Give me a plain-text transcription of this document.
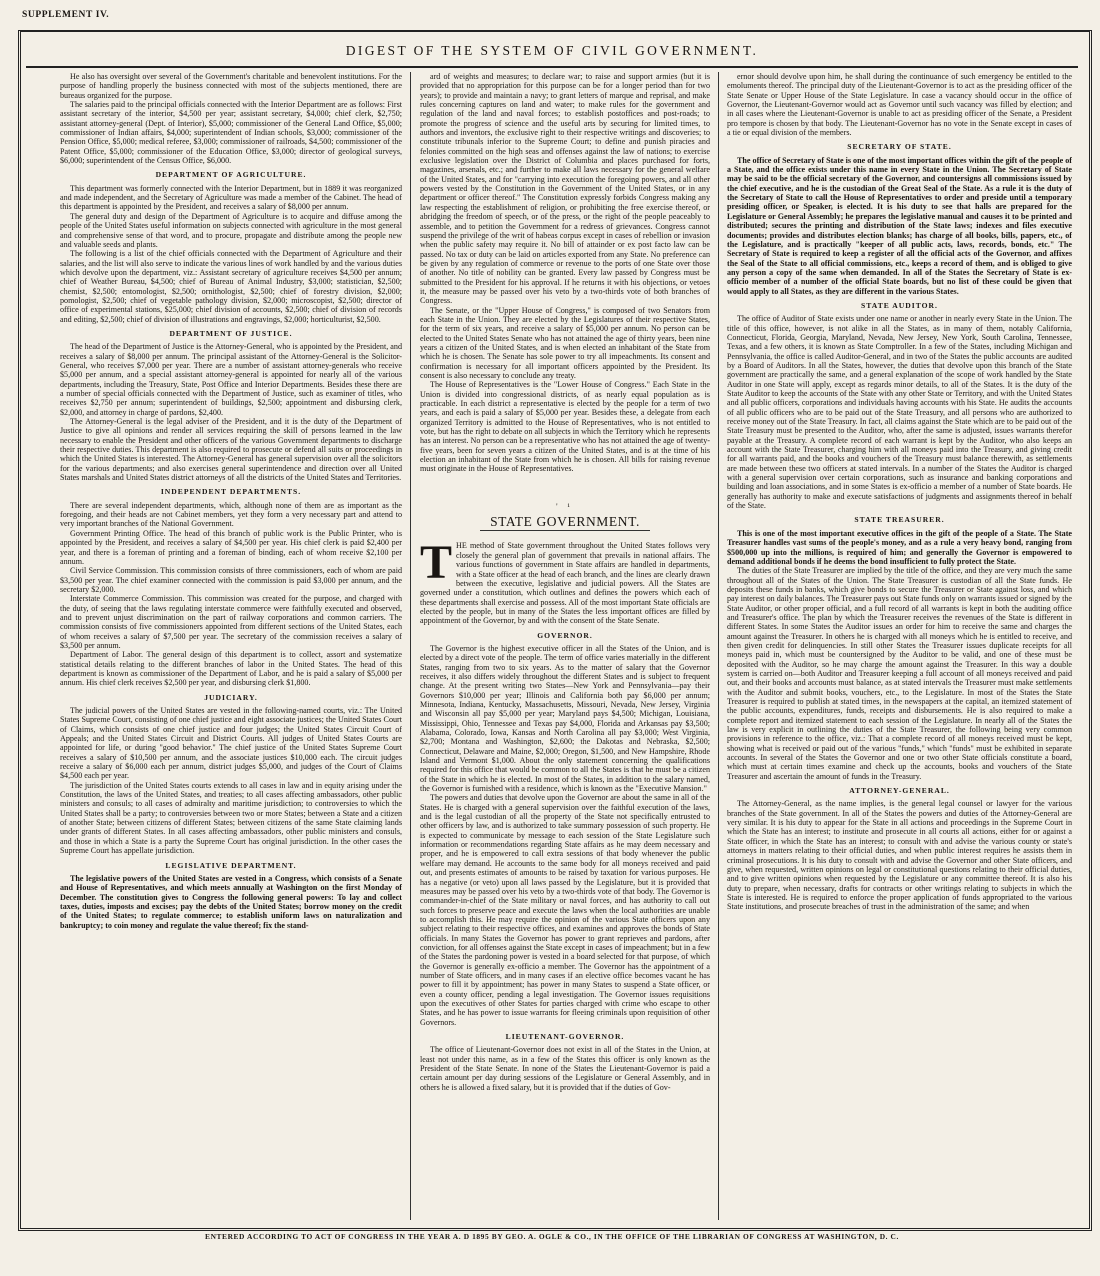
SUPPLEMENT IV.
DIGEST OF THE SYSTEM OF CIVIL GOVERNMENT.

He also has oversight over several of the Government's charitable and benevolent institutions. For the purpose of handling properly the business connected with most of the subjects mentioned, there are bureaus organized for the purpose.

The salaries paid to the principal officials connected with the Interior Department are as follows: First assistant secretary of the interior, $4,500 per year; assistant secretary, $4,000; chief clerk, $2,750; assistant attorney-general (Dept. of Interior), $5,000; commissioner of the General Land Office, $5,000; commissioner of Indian affairs, $4,000; superintendent of Indian schools, $3,000; commissioner of the Pension Office, $5,000; medical referee, $3,000; commissioner of railroads, $4,500; commissioner of the Patent Office, $5,000; commissioner of the Education Office, $3,000; director of geological surveys, $6,000; superintendent of the Census Office, $6,000.

DEPARTMENT OF AGRICULTURE.

This department was formerly connected with the Interior Department, but in 1889 it was reorganized and made independent, and the Secretary of Agriculture was made a member of the Cabinet. The head of this department is appointed by the President, and receives a salary of $8,000 per annum.

The general duty and design of the Department of Agriculture is to acquire and diffuse among the people of the United States useful information on subjects connected with agriculture in the most general and comprehensive sense of that word, and to procure, propagate and distribute among the people new and valuable seeds and plants.

The following is a list of the chief officials connected with the Department of Agriculture and their salaries, and the list will also serve to indicate the various lines of work handled by and the various duties which devolve upon the department, viz.: Assistant secretary of agriculture receives $4,500 per annum; chief of Weather Bureau, $4,500; chief of Bureau of Animal Industry, $3,000; statistician, $2,500; chemist, $2,500; entomologist, $2,500; ornithologist, $2,500; chief of forestry division, $2,000; pomologist, $2,500; chief of vegetable pathology division, $2,000; microscopist, $2,500; director of office of experimental stations, $25,000; chief division of accounts, $2,500; chief of division of records and editing, $2,500; chief of division of illustrations and engravings, $2,000; horticulturist, $2,500.

DEPARTMENT OF JUSTICE.

The head of the Department of Justice is the Attorney-General, who is appointed by the President, and receives a salary of $8,000 per annum. The principal assistant of the Attorney-General is the Solicitor-General, who receives $7,000 per year. There are a number of assistant attorney-generals who receive $5,000 per annum, and a special assistant attorney-general is appointed for nearly all of the various departments, including the Treasury, State, Post Office and Interior Departments. Besides these there are a number of special officials connected with the Department of Justice, such as examiner of titles, who receives $2,750 per annum; superintendent of buildings, $2,500; appointment and disbursing clerk, $2,000, and attorney in charge of pardons, $2,400.

The Attorney-General is the legal adviser of the President, and it is the duty of the Department of Justice to give all opinions and render all services requiring the skill of persons learned in the law necessary to enable the President and other officers of the various Government departments to discharge their respective duties. This department is also required to prosecute or defend all suits or proceedings in which the United States is interested. The Attorney-General has general supervision over all the solicitors for the various departments; and also exercises general superintendence and direction over all United States marshals and United States district attorneys of all the districts of the United States and Territories.

INDEPENDENT DEPARTMENTS.

There are several independent departments, which, although none of them are as important as the foregoing, and their heads are not Cabinet members, yet they form a very necessary part and attend to very important branches of the National Government.

Government Printing Office. The head of this branch of public work is the Public Printer, who is appointed by the President, and receives a salary of $4,500 per year. His chief clerk is paid $2,400 per year, and there is a foreman of printing and a foreman of binding, each of whom receive $2,100 per annum.

Civil Service Commission. This commission consists of three commissioners, each of whom are paid $3,500 per year. The chief examiner connected with the commission is paid $3,000 per annum, and the secretary $2,000.

Interstate Commerce Commission. This commission was created for the purpose, and charged with the duty, of seeing that the laws regulating interstate commerce were faithfully executed and observed, and to prevent unjust discrimination on the part of railway corporations and common carriers. The commission consists of five commissioners appointed from different sections of the United States, each of whom receives a salary of $7,500 per year. The secretary of the commission receives a salary of $3,500 per annum.

Department of Labor. The general design of this department is to collect, assort and systematize statistical details relating to the different branches of labor in the United States. The head of this department is known as commissioner of the Department of Labor, and he is paid a salary of $5,000 per annum. His chief clerk receives $2,500 per year, and disbursing clerk $1,800.

JUDICIARY.

The judicial powers of the United States are vested in the following-named courts, viz.: The United States Supreme Court, consisting of one chief justice and eight associate justices; the United States Court of Claims, which consists of one chief justice and four judges; the United States Circuit Court of Appeals; and the United States Circuit and District Courts. All judges of United States Courts are appointed for life, or during "good behavior." The chief justice of the United States Supreme Court receives a salary of $10,500 per annum, and the associate justices $10,000 each. The circuit judges receive a salary of $6,000 each per annum, district judges $5,000, and judges of the Court of Claims $4,500 each per year.

The jurisdiction of the United States courts extends to all cases in law and in equity arising under the Constitution, the laws of the United States, and treaties; to all cases affecting ambassadors, other public ministers and consuls; to all cases of admiralty and maritime jurisdiction; to controversies to which the United States shall be a party; to controversies between two or more States; between a State and a citizen of another State; between citizens of different States; between citizens of the same State claiming lands under grants of different States. In all cases affecting ambassadors, other public ministers and consuls, and those in which a State is a party the Supreme Court has original jurisdiction. In the other cases the Supreme Court has appellate jurisdiction.

LEGISLATIVE DEPARTMENT.

The legislative powers of the United States are vested in a Congress, which consists of a Senate and House of Representatives, and which meets annually at Washington on the first Monday of December. The constitution gives to Congress the following general powers: To lay and collect taxes, duties, imposts and excises; pay the debts of the United States; borrow money on the credit of the United States; to regulate commerce; to establish uniform laws on naturalization and bankruptcy; to coin money and regulate the value thereof; fix the stand-

ard of weights and measures; to declare war; to raise and support armies (but it is provided that no appropriation for this purpose can be for a longer period than for two years); to provide and maintain a navy; to grant letters of marque and reprisal, and make rules concerning captures on land and water; to make rules for the government and regulation of the land and naval forces; to establish postoffices and post-roads; to promote the progress of science and the useful arts by securing for limited times, to authors and inventors, the exclusive right to their respective writings and discoveries; to constitute tribunals inferior to the Supreme Court; to define and punish piracies and felonies committed on the high seas and offenses against the law of nations; to exercise exclusive legislation over the District of Columbia and places purchased for forts, magazines, arsenals, etc.; and further to make all laws necessary for the general welfare of the United States, and for "carrying into execution the foregoing powers, and all other powers vested by the Constitution in the Government of the United States, or in any department or officer thereof." The Constitution expressly forbids Congress making any law respecting the establishment of religion, or prohibiting the free exercise thereof, or abridging the freedom of speech, or of the press, or the right of the people peaceably to assemble, and to petition the Government for a redress of grievances. Congress cannot suspend the privilege of the writ of habeas corpus except in cases of rebellion or invasion when the public safety may require it. No bill of attainder or ex post facto law can be passed. No tax or duty can be laid on articles exported from any State. No preference can be given by any regulation of commerce or revenue to the ports of one State over those of another. No title of nobility can be granted. Every law passed by Congress must be submitted to the President for his approval. If he returns it with his objections, or vetoes it, the measure may be passed over his veto by a two-thirds vote of both branches of Congress.

The Senate, or the "Upper House of Congress," is composed of two Senators from each State in the Union. They are elected by the Legislatures of their respective States, for the term of six years, and receive a salary of $5,000 per annum. No person can be elected to the United States Senate who has not attained the age of thirty years, been nine years a citizen of the United States, and is when elected an inhabitant of the State from which he is chosen. The Senate has sole power to try all impeachments. Its consent and confirmation is necessary for all important officers appointed by the President. Its consent is also necessary to conclude any treaty.

The House of Representatives is the "Lower House of Congress." Each State in the Union is divided into congressional districts, of as nearly equal population as is practicable. In each district a representative is elected by the people for a term of two years, and each is paid a salary of $5,000 per year. Besides these, a delegate from each organized Territory is admitted to the House of Representatives, who is not entitled to vote, but has the right to debate on all subjects in which the Territory which he represents has an interest. No person can be a representative who has not attained the age of twenty-five years, been for seven years a citizen of the United States, and is at the time of his election an inhabitant of the State from which he is chosen. All bills for raising revenue must originate in the House of Representatives.

' ¹
STATE GOVERNMENT.

THE method of State government throughout the United States follows very closely the general plan of government that prevails in national affairs. The various functions of government in State affairs are handled in departments, with a State officer at the head of each branch, and the lines are clearly drawn between the executive, legislative and judicial powers. All the States are governed under a constitution, which outlines and defines the powers which each of these departments shall exercise and possess. All of the most important State officials are elected by the people, but in many of the States the less important offices are filled by appointment of the Governor, by and with the consent of the State Senate.

GOVERNOR.

The Governor is the highest executive officer in all the States of the Union, and is elected by a direct vote of the people. The term of office varies materially in the different States, ranging from two to six years. As to the matter of salary that the Governor receives, it also differs widely throughout the different States and is subject to frequent change. At the present writing two States—New York and Pennsylvania—pay their Governors $10,000 per year; Illinois and California both pay $6,000 per annum; Minnesota, Indiana, Kentucky, Massachusetts, Missouri, Nevada, New Jersey, Virginia and Wisconsin all pay $5,000 per year; Maryland pays $4,500; Michigan, Louisiana, Mississippi, Ohio, Tennessee and Texas pay $4,000, Florida and Arkansas pay $3,500; Alabama, Colorado, Iowa, Kansas and North Carolina all pay $3,000; West Virginia, $2,700; Montana and Washington, $2,600; the Dakotas and Nebraska, $2,500; Connecticut, Delaware and Maine, $2,000; Oregon, $1,500, and New Hampshire, Rhode Island and Vermont $1,000. About the only statement concerning the qualifications required for this office that would be common to all the States is that he must be a citizen of the State in which he is elected. In most of the States, in addition to the salary named, the Governor is furnished with a residence, which is known as the "Executive Mansion."

The powers and duties that devolve upon the Governor are about the same in all of the States. He is charged with a general supervision over the faithful execution of the laws, and is the legal custodian of all the property of the State not specifically entrusted to other officers by law, and is authorized to take summary possession of such property. He is expected to communicate by message to each session of the State Legislature such information or recommendations regarding State affairs as he may deem necessary and proper, and he is empowered to call extra sessions of that body whenever the public welfare may demand. He accounts to the same body for all moneys received and paid out, and presents estimates of amounts to be raised by taxation for various purposes. He has a negative (or veto) upon all laws passed by the Legislature, but it is provided that measures may be passed over his veto by a two-thirds vote of that body. The Governor is commander-in-chief of the State military or naval forces, and has authority to call out such forces to preserve peace and execute the laws when the local authorities are unable to accomplish this. He may require the opinion of the various State officers upon any subject relating to their respective offices, and examines and approves the bonds of State officials. In many States the Governor has power to grant reprieves and pardons, after conviction, for all offenses against the State except in cases of impeachment; but in a few of the States the pardoning power is vested in a board selected for that purpose, of which the Governor is generally ex-officio a member. The Governor has the appointment of a number of State officers, and in many cases if an elective office becomes vacant he has power to fill it by appointment; has power in many States to suspend a State officer, or even a county officer, pending a legal investigation. The Governor issues requisitions upon the executives of other States for parties charged with crime who escape to other States, and he has power to issue warrants for fleeing criminals upon requisition of other Governors.

LIEUTENANT-GOVERNOR.

The office of Lieutenant-Governor does not exist in all of the States in the Union, at least not under this name, as in a few of the States this officer is only known as the President of the State Senate. In none of the States the Lieutenant-Governor is paid a certain amount per day during sessions of the Legislature or General Assembly, and in others he is allowed a fixed salary, but it is provided that if the duties of Gov-

ernor should devolve upon him, he shall during the continuance of such emergency be entitled to the emoluments thereof. The principal duty of the Lieutenant-Governor is to act as the presiding officer of the State Senate or Upper House of the State Legislature. In case a vacancy should occur in the office of Governor, the Lieutenant-Governor would act as Governor until such vacancy was filled by election; and in all cases where the Lieutenant-Governor is unable to act as presiding officer of the Senate, a President pro tempore is chosen by that body. The Lieutenant-Governor has no vote in the Senate except in cases of a tie or equal division of the members.

SECRETARY OF STATE.

The office of Secretary of State is one of the most important offices within the gift of the people of a State, and the office exists under this name in every State in the Union. The Secretary of State may be said to be the official secretary of the Governor, and countersigns all commissions issued by the chief executive, and he is the custodian of the Great Seal of the State. As a rule it is the duty of the Secretary of State to call the House of Representatives to order and preside until a temporary presiding officer, or Speaker, is elected. It is his duty to see that halls are prepared for the Legislature or General Assembly; he prepares the legislative manual and causes it to be printed and distributed; secures the printing and distribution of the State laws; indexes and files executive documents; provides and distributes election blanks; has charge of all books, bills, papers, etc., of the Legislature, and is practically "keeper of all public acts, laws, records, bonds, etc." The Secretary of State is required to keep a register of all the official acts of the Governor, and affixes the Seal of the State to all official commissions, etc., keeps a record of them, and is obliged to give any person a copy of the same when demanded. In all of the States the Secretary of State is ex-officio member of a number of the official State boards, but no list of these could be given that would apply to all States, as they are different in the various States.

STATE AUDITOR.

The office of Auditor of State exists under one name or another in nearly every State in the Union. The title of this office, however, is not alike in all the States, as in many of them, notably California, Connecticut, Florida, Georgia, Maryland, Nevada, New Jersey, New York, South Carolina, Tennessee, Texas, and a few others, it is known as State Comptroller. In a few of the States, including Michigan and Pennsylvania, the office is called Auditor-General, and in two of the States the public accounts are audited by a Board of Auditors. In all the States, however, the duties that devolve upon this branch of the State government are practically the same, and a general explanation of the scope of work handled by the State Auditor in one State will apply, except as regards minor details, to all of the States. It is the duty of the State Auditor to keep the accounts of the State with any other State or Territory, and with the United States and all public officers, corporations and individuals having accounts with his State. He audits the accounts of all public officers who are to be paid out of the State Treasury, and all persons who are authorized to receive money out of the State Treasury. In fact, all claims against the State which are to be paid out of the State Treasury must be presented to the Auditor, who, after the same is adjusted, issues warrants therefor payable at the Treasury. A complete record of each warrant is kept by the Auditor, who also keeps an account with the State Treasurer, charging him with all moneys paid into the Treasury, and giving credit for all warrants paid, and the books and vouchers of the Treasury must balance therewith, as settlements are made between these two officers at stated intervals. In a number of the States the Auditor is charged with a general supervision over certain corporations, such as insurance and banking corporations and building and loan associations, and in some States is ex-officio a member of a number of State boards. He generally has authority to make and execute satisfactions of judgments and assignments thereof in behalf of the State.

STATE TREASURER.

This is one of the most important executive offices in the gift of the people of a State. The State Treasurer handles vast sums of the people's money, and as a rule a very heavy bond, ranging from $500,000 up into the millions, is required of him; and generally the Governor is empowered to demand additional bonds if he deems the bond insufficient to fully protect the State.

The duties of the State Treasurer are implied by the title of the office, and they are very much the same throughout all of the States of the Union. The State Treasurer is custodian of all the State funds. He deposits these funds in banks, which give bonds to secure the Treasurer or State against loss, and which pay interest on daily balances. The Treasurer pays out State funds only on warrants issued or signed by the State Auditor, or other proper official, and a full record of all warrants is kept in both the auditing office and Treasurer's office. The plan by which the Treasurer receives the revenues of the State is different in different States. In some States the Auditor issues an order for him to receive the same and charges the amount against the Treasurer. In others he is charged with all moneys which he is entitled to receive, and then given credit for delinquencies. In still other States the Treasurer issues duplicate receipts for all moneys paid in, which must be countersigned by the Auditor to be valid, and one of these must be deposited with the Auditor, so he may charge the amount against the Treasurer. In this way a double system is carried on—both Auditor and Treasurer keeping a full account of all moneys received and paid out, and their books and accounts must balance, as at stated intervals the Treasurer must make settlements with the Auditor and submit books, vouchers, etc., to the Legislature. In most of the States the State Treasurer is required to publish at stated times, in the newspapers at the capital, an itemized statement of the public accounts, expenditures, funds, receipts and disbursements. He is also required to make a complete report and itemized statement to each session of the Legislature. In nearly all of the States the law is very explicit in outlining the duties of the State Treasurer, the following being very common provisions in reference to the office, viz.: That a complete record of all moneys received must be kept, showing what is received or paid out of the various "funds," which "funds" must be exhibited in separate accounts. In several of the States the Governor and one or two other State officials constitute a board, which must at certain times examine and check up the accounts, books and vouchers of the State Treasurer and ascertain the amount of funds in the Treasury.

ATTORNEY-GENERAL.

The Attorney-General, as the name implies, is the general legal counsel or lawyer for the various branches of the State government. In all of the States the powers and duties of the Attorney-General are very similar. It is his duty to appear for the State in all actions and proceedings in the Supreme Court in which the State has an interest; to institute and prosecute in all courts all actions, either for or against a State officer, in which the State has an interest; to consult with and advise the various county or state's attorneys in matters relating to their official duties, and when public interest requires he assists them in criminal prosecutions. It is his duty to consult with and advise the Governor and other State officers, and give, when requested, written opinions on legal or constitutional questions relating to their official duties, and to give written opinions when requested by the Legislature or any committee thereof. It is also his duty to prepare, when necessary, drafts for contracts or other writings relating to subjects in which the State is interested. He is required to enforce the proper application of funds appropriated to the various State institutions, and prosecute breaches of trust in the administration of the same; and when

ENTERED ACCORDING TO ACT OF CONGRESS IN THE YEAR A. D 1895 BY GEO. A. OGLE & CO., IN THE OFFICE OF THE LIBRARIAN OF CONGRESS AT WASHINGTON, D. C.
